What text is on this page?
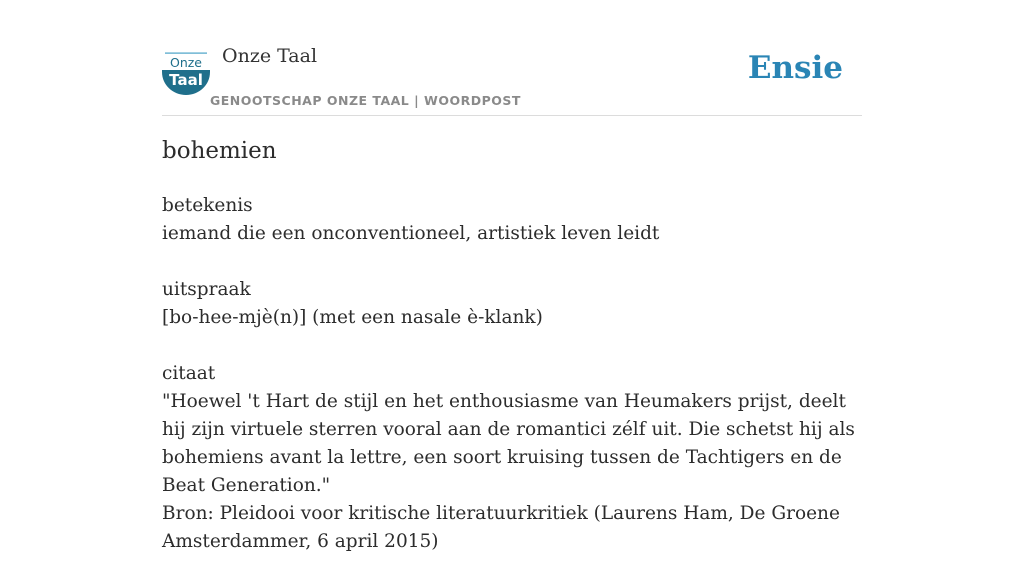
Onze
Taal
Onze Taal
GENOOTSCHAP ONZE TAAL | WOORDPOST
Ensie
bohemien
betekenis
iemand die een onconventioneel, artistiek leven leidt
uitspraak
[bo-hee-mjè(n)] (met een nasale è-klank)
citaat
"Hoewel 't Hart de stijl en het enthousiasme van Heumakers prijst, deelt hij zijn virtuele sterren vooral aan de romantici zélf uit. Die schetst hij als bohemiens avant la lettre, een soort kruising tussen de Tachtigers en de Beat Generation."
Bron: Pleidooi voor kritische literatuurkritiek (Laurens Ham, De Groene Amsterdammer, 6 april 2015)
